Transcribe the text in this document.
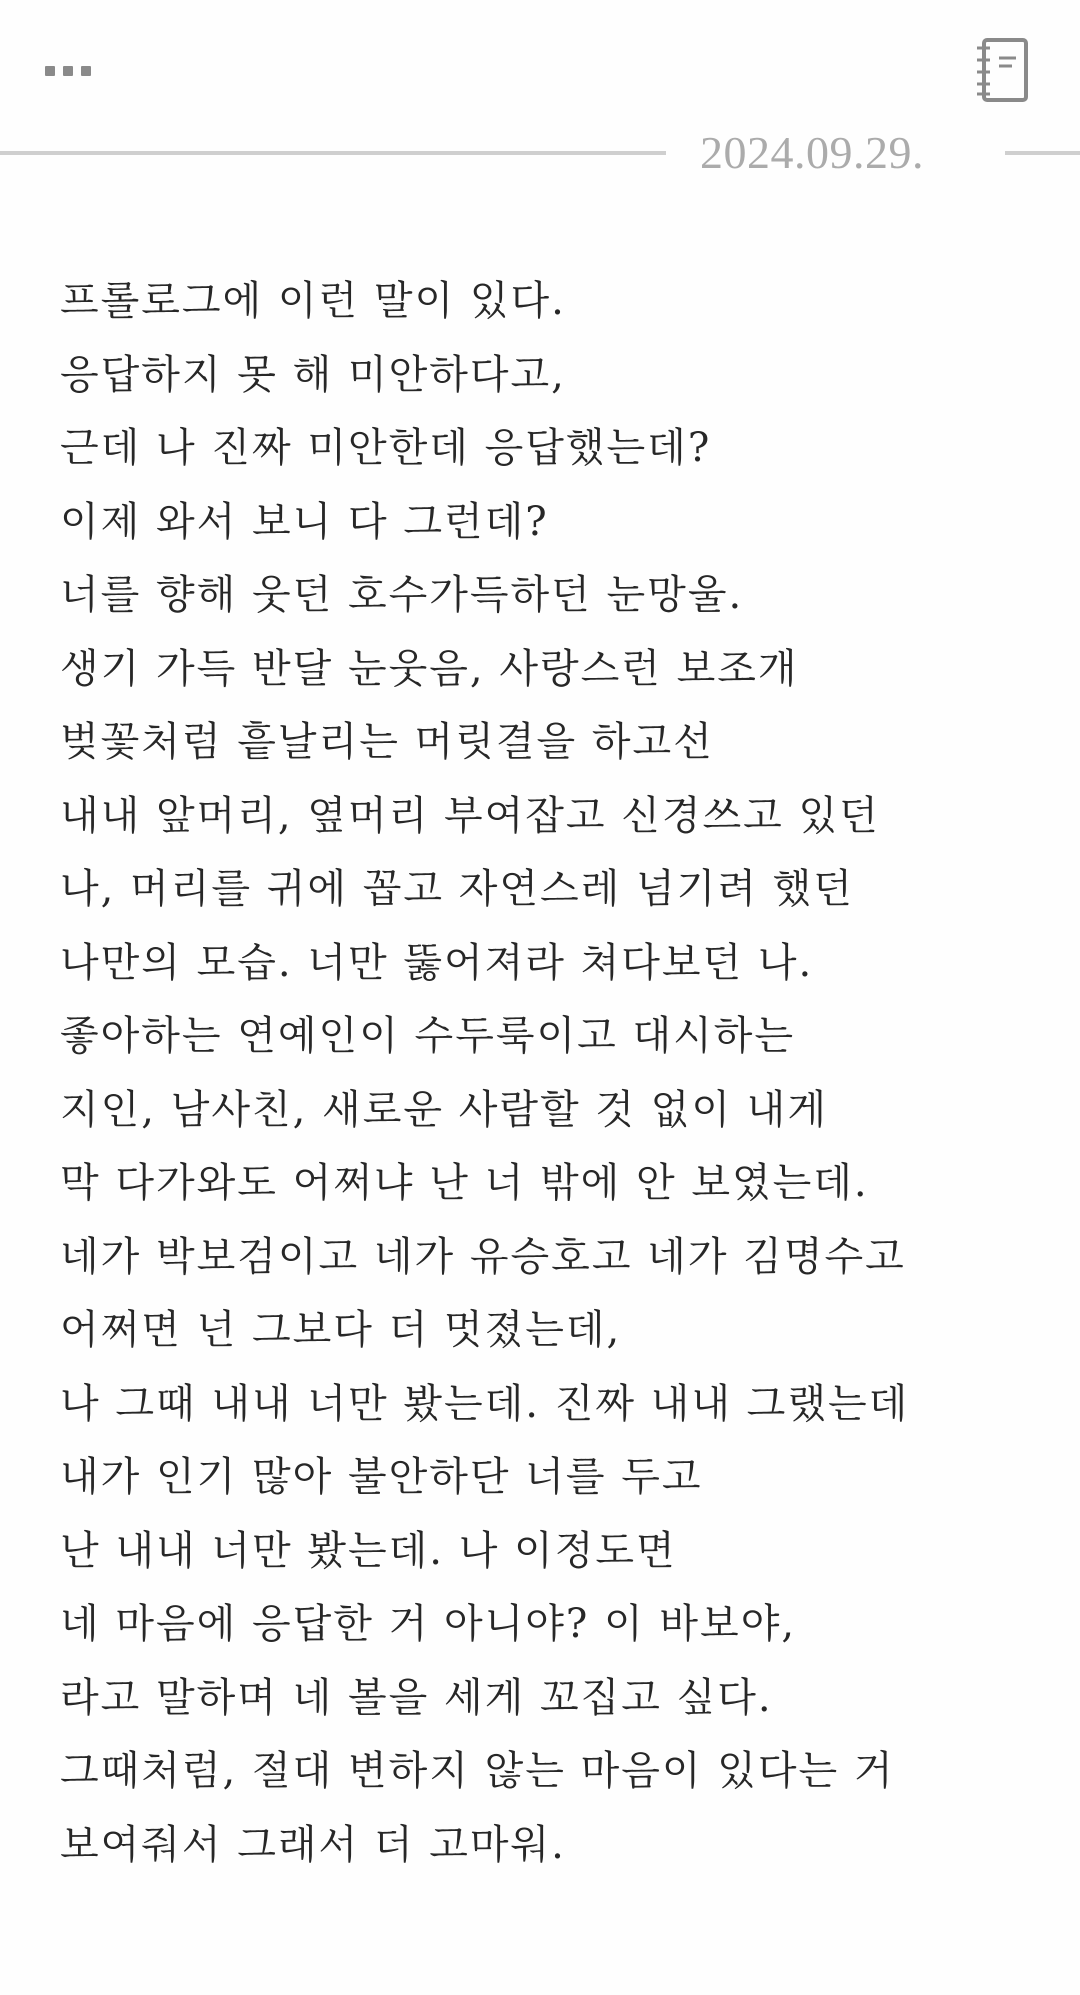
2024.09.29.
프롤로그에 이런 말이 있다.
응답하지 못 해 미안하다고,
근데 나 진짜 미안한데 응답했는데?
이제 와서 보니 다 그런데?
너를 향해 웃던 호수가득하던 눈망울.
생기 가득 반달 눈웃음, 사랑스런 보조개
벚꽃처럼 흩날리는 머릿결을 하고선
내내 앞머리, 옆머리 부여잡고 신경쓰고 있던
나, 머리를 귀에 꼽고 자연스레 넘기려 했던
나만의 모습. 너만 뚫어져라 쳐다보던 나.
좋아하는 연예인이 수두룩이고 대시하는
지인, 남사친, 새로운 사람할 것 없이 내게
막 다가와도 어쩌냐 난 너 밖에 안 보였는데.
네가 박보검이고 네가 유승호고 네가 김명수고
어쩌면 넌 그보다 더 멋졌는데,
나 그때 내내 너만 봤는데. 진짜 내내 그랬는데
내가 인기 많아 불안하단 너를 두고
난 내내 너만 봤는데. 나 이정도면
네 마음에 응답한 거 아니야? 이 바보야,
라고 말하며 네 볼을 세게 꼬집고 싶다.
그때처럼, 절대 변하지 않는 마음이 있다는 거
보여줘서 그래서 더 고마워.
